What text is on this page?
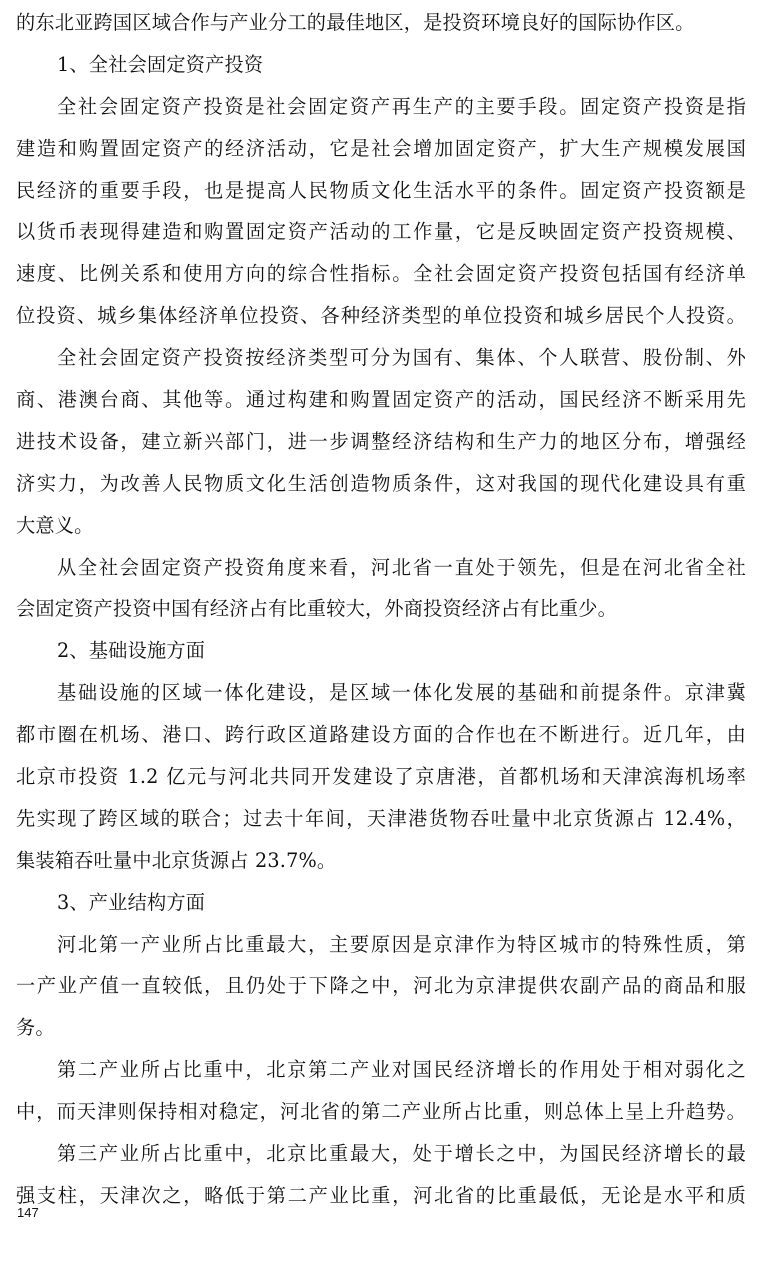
的东北亚跨国区域合作与产业分工的最佳地区，是投资环境良好的国际协作区。
1、全社会固定资产投资
全社会固定资产投资是社会固定资产再生产的主要手段。固定资产投资是指
建造和购置固定资产的经济活动，它是社会增加固定资产，扩大生产规模发展国
民经济的重要手段，也是提高人民物质文化生活水平的条件。固定资产投资额是
以货币表现得建造和购置固定资产活动的工作量，它是反映固定资产投资规模、
速度、比例关系和使用方向的综合性指标。全社会固定资产投资包括国有经济单
位投资、城乡集体经济单位投资、各种经济类型的单位投资和城乡居民个人投资。
全社会固定资产投资按经济类型可分为国有、集体、个人联营、股份制、外
商、港澳台商、其他等。通过构建和购置固定资产的活动，国民经济不断采用先
进技术设备，建立新兴部门，进一步调整经济结构和生产力的地区分布，增强经
济实力，为改善人民物质文化生活创造物质条件，这对我国的现代化建设具有重
大意义。
从全社会固定资产投资角度来看，河北省一直处于领先，但是在河北省全社
会固定资产投资中国有经济占有比重较大，外商投资经济占有比重少。
2、基础设施方面
基础设施的区域一体化建设，是区域一体化发展的基础和前提条件。京津冀
都市圈在机场、港口、跨行政区道路建设方面的合作也在不断进行。近几年，由
北京市投资 1.2 亿元与河北共同开发建设了京唐港，首都机场和天津滨海机场率
先实现了跨区域的联合；过去十年间，天津港货物吞吐量中北京货源占 12.4%，
集装箱吞吐量中北京货源占 23.7%。
3、产业结构方面
河北第一产业所占比重最大，主要原因是京津作为特区城市的特殊性质，第
一产业产值一直较低，且仍处于下降之中，河北为京津提供农副产品的商品和服
务。
第二产业所占比重中，北京第二产业对国民经济增长的作用处于相对弱化之
中，而天津则保持相对稳定，河北省的第二产业所占比重，则总体上呈上升趋势。
第三产业所占比重中，北京比重最大，处于增长之中，为国民经济增长的最
强支柱，天津次之，略低于第二产业比重，河北省的比重最低，无论是水平和质
147
